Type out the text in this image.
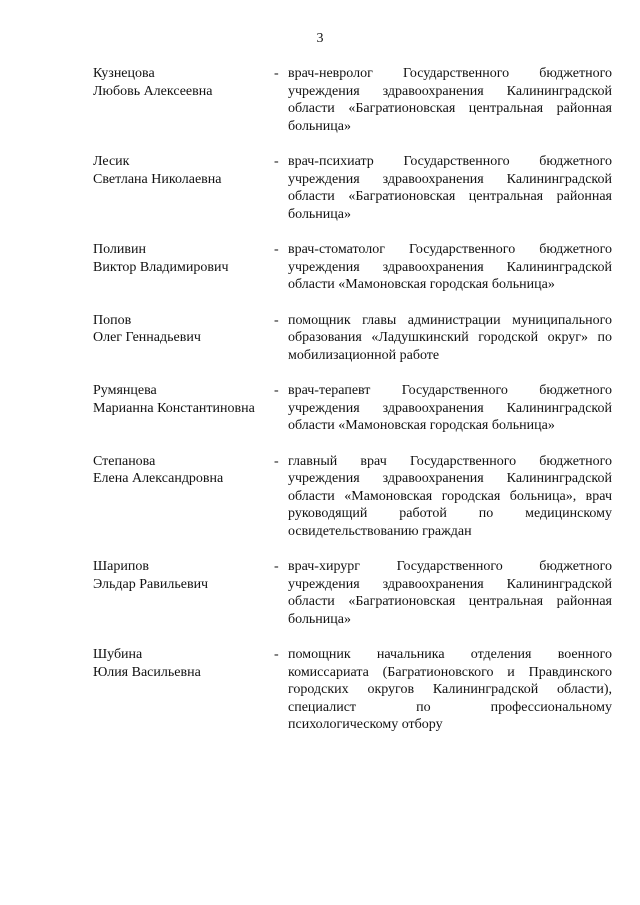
3
Кузнецова
Любовь Алексеевна
- врач-невролог Государственного бюджетного учреждения здравоохранения Калининградской области «Багратионовская центральная районная больница»
Лесик
Светлана Николаевна
- врач-психиатр Государственного бюджетного учреждения здравоохранения Калининградской области «Багратионовская центральная районная больница»
Поливин
Виктор Владимирович
- врач-стоматолог Государственного бюджетного учреждения здравоохранения Калининградской области «Мамоновская городская больница»
Попов
Олег Геннадьевич
- помощник главы администрации муниципального образования «Ладушкинский городской округ» по мобилизационной работе
Румянцева
Марианна Константиновна
- врач-терапевт Государственного бюджетного учреждения здравоохранения Калининградской области «Мамоновская городская больница»
Степанова
Елена Александровна
- главный врач Государственного бюджетного учреждения здравоохранения Калининградской области «Мамоновская городская больница», врач руководящий работой по медицинскому освидетельствованию граждан
Шарипов
Эльдар Равильевич
- врач-хирург Государственного бюджетного учреждения здравоохранения Калининградской области «Багратионовская центральная районная больница»
Шубина
Юлия Васильевна
- помощник начальника отделения военного комиссариата (Багратионовского и Правдинского городских округов Калининградской области), специалист по профессиональному психологическому отбору
